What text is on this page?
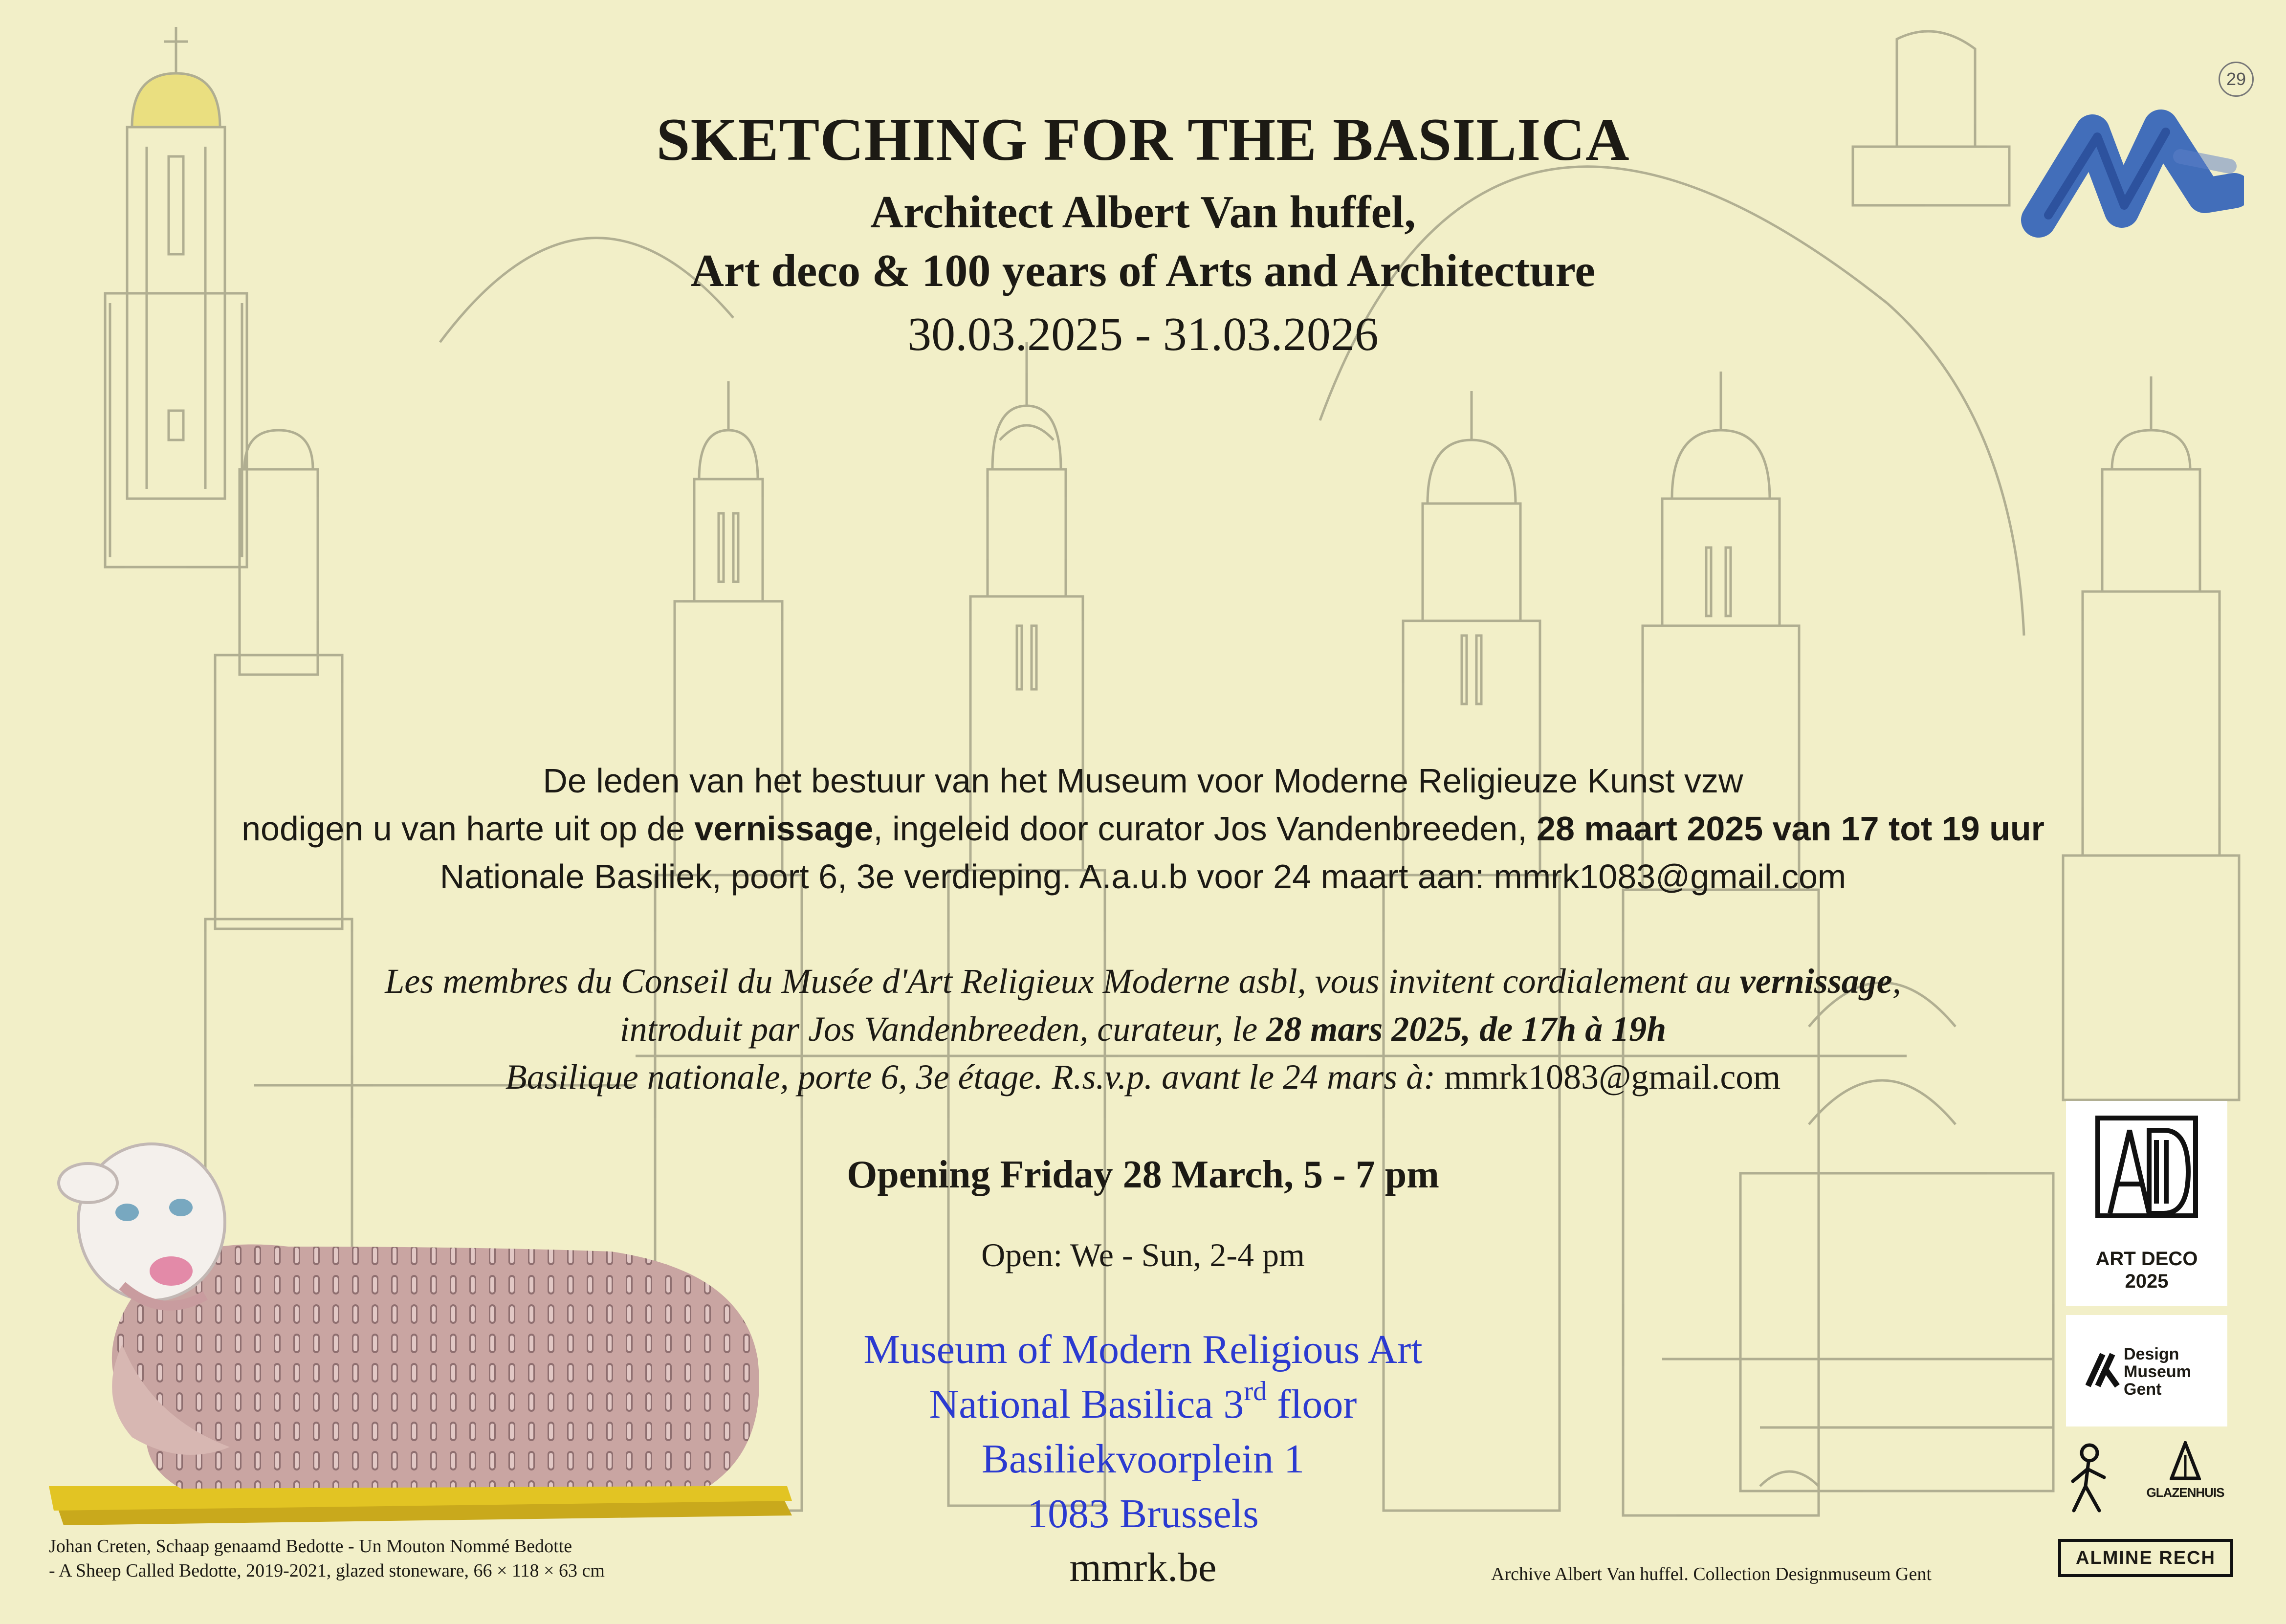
29
SKETCHING FOR THE BASILICA
Architect Albert Van huffel,
Art deco & 100 years of Arts and Architecture
30.03.2025 - 31.03.2026
De leden van het bestuur van het Museum voor Moderne Religieuze Kunst vzw
nodigen u van harte uit op de vernissage, ingeleid door curator Jos Vandenbreeden, 28 maart 2025 van 17 tot 19 uur
Nationale Basiliek, poort 6, 3e verdieping. A.a.u.b voor 24 maart aan: mmrk1083@gmail.com
Les membres du Conseil du Musée d'Art Religieux Moderne asbl, vous invitent cordialement au vernissage,
introduit par Jos Vandenbreeden, curateur, le 28 mars 2025, de 17h à 19h
Basilique nationale, porte 6, 3e étage. R.s.v.p. avant le 24 mars à: mmrk1083@gmail.com
Opening Friday 28 March, 5 - 7 pm
Open: We - Sun, 2-4 pm
Museum of Modern Religious Art
National Basilica 3rd floor
Basiliekvoorplein 1
1083 Brussels
mmrk.be
Johan Creten, Schaap genaamd Bedotte - Un Mouton Nommé Bedotte
- A Sheep Called Bedotte, 2019-2021, glazed stoneware, 66 × 118 × 63 cm	Archive Albert Van huffel. Collection Designmuseum Gent
ART DECO
2025
Design
Museum
Gent
GLAZENHUIS
ALMINE RECH
